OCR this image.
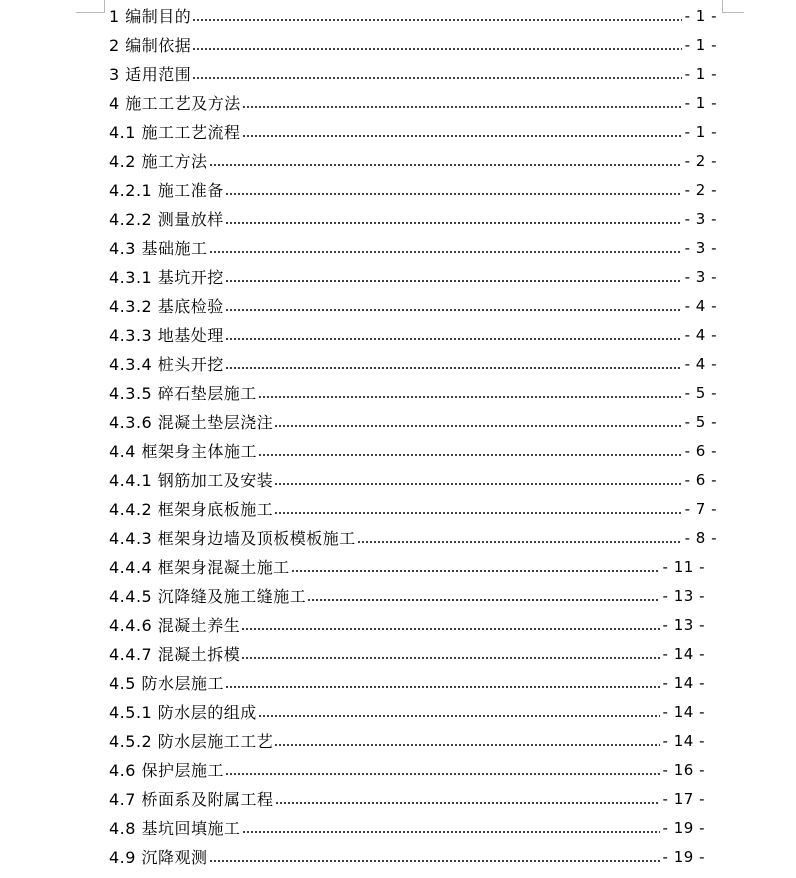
1 编制目的	- 1 -
2 编制依据	- 1 -
3 适用范围	- 1 -
4 施工工艺及方法	- 1 -
4.1 施工工艺流程	- 1 -
4.2 施工方法	- 2 -
4.2.1 施工准备	- 2 -
4.2.2 测量放样	- 3 -
4.3 基础施工	- 3 -
4.3.1 基坑开挖	- 3 -
4.3.2 基底检验	- 4 -
4.3.3 地基处理	- 4 -
4.3.4 桩头开挖	- 4 -
4.3.5 碎石垫层施工	- 5 -
4.3.6 混凝土垫层浇注	- 5 -
4.4 框架身主体施工	- 6 -
4.4.1 钢筋加工及安装	- 6 -
4.4.2 框架身底板施工	- 7 -
4.4.3 框架身边墙及顶板模板施工	- 8 -
4.4.4 框架身混凝土施工	- 11 -
4.4.5 沉降缝及施工缝施工	- 13 -
4.4.6 混凝土养生	- 13 -
4.4.7 混凝土拆模	- 14 -
4.5 防水层施工	- 14 -
4.5.1 防水层的组成	- 14 -
4.5.2 防水层施工工艺	- 14 -
4.6 保护层施工	- 16 -
4.7 桥面系及附属工程	- 17 -
4.8 基坑回填施工	- 19 -
4.9 沉降观测	- 19 -
